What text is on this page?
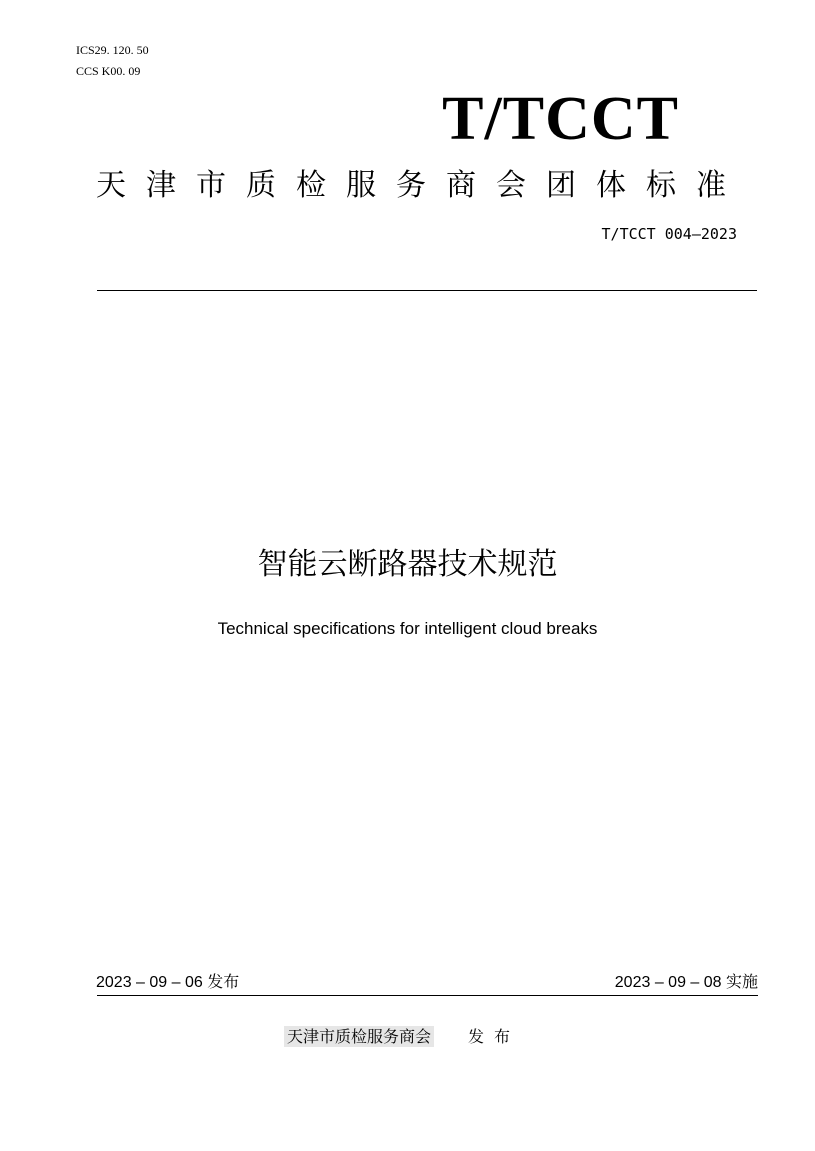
ICS29. 120. 50
CCS K00. 09
T/TCCT
天津市质检服务商会团体标准
T/TCCT 004—2023
智能云断路器技术规范
Technical specifications for intelligent cloud breaks
2023 – 09 – 06 发布	2023 – 09 – 08 实施
天津市质检服务商会 发布
